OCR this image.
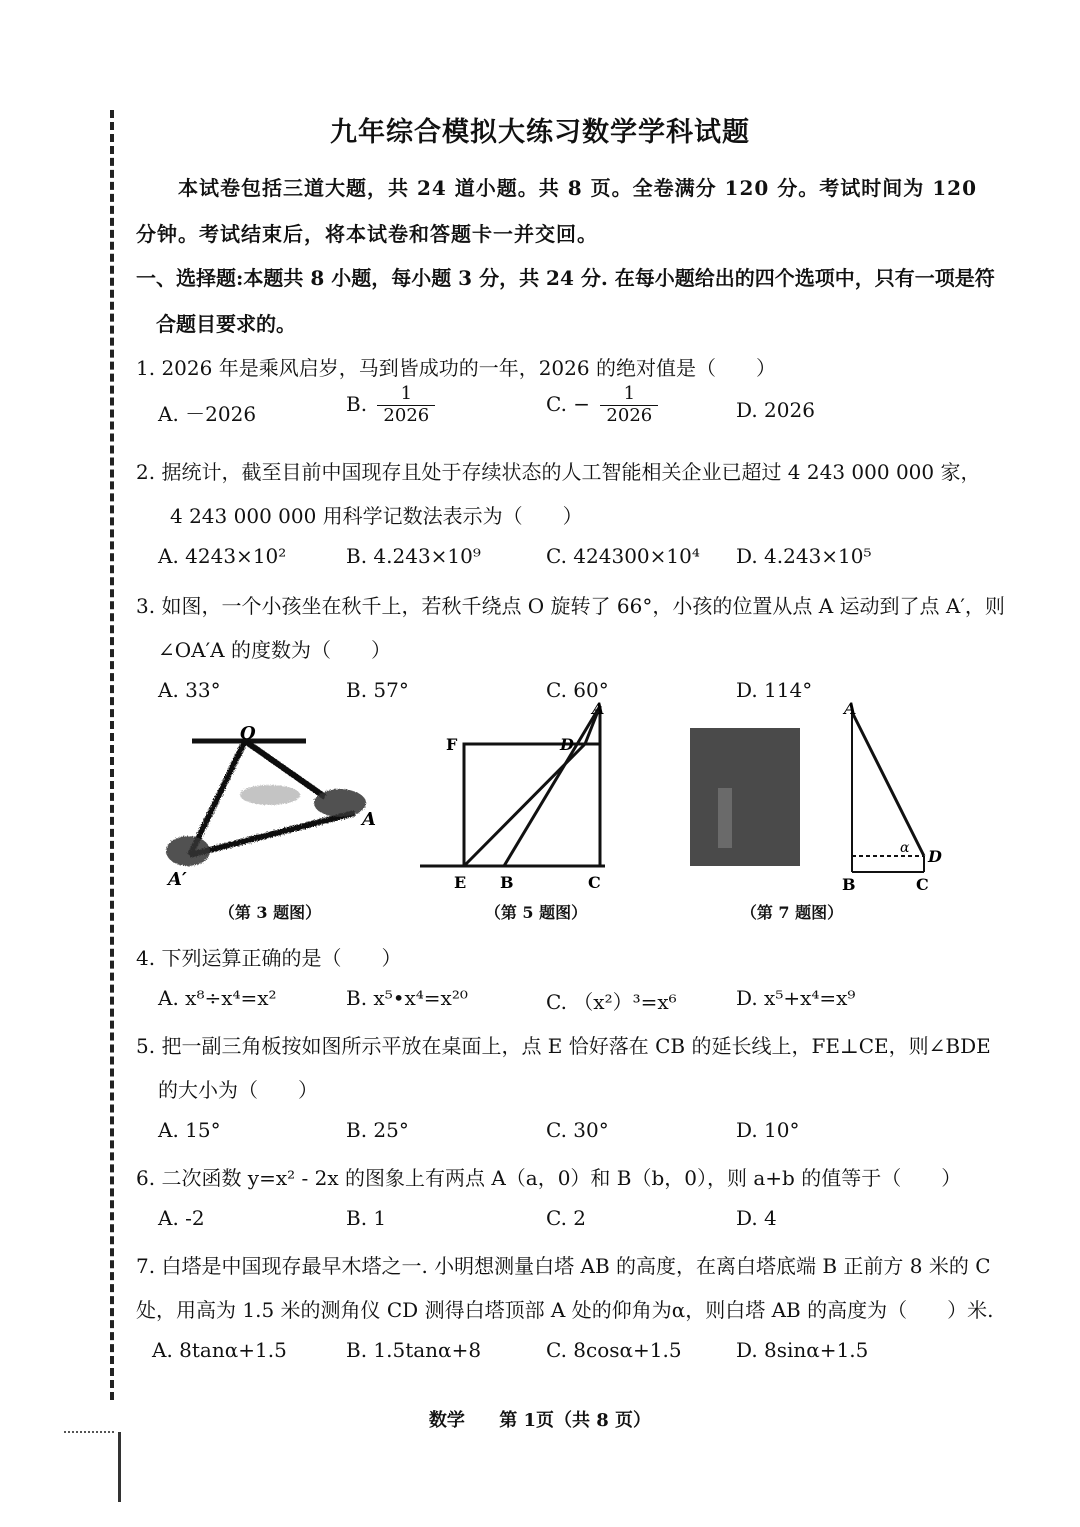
九年综合模拟大练习数学学科试题
本试卷包括三道大题，共 24 道小题。共 8 页。全卷满分 120 分。考试时间为 120
分钟。考试结束后，将本试卷和答题卡一并交回。
一、选择题:本题共 8 小题，每小题 3 分，共 24 分. 在每小题给出的四个选项中，只有一项是符
合题目要求的。
1. 2026 年是乘风启岁，马到皆成功的一年，2026 的绝对值是（　　）
A. －2026	B. $\frac{1}{2026}$	C. − $\frac{1}{2026}$	D. 2026
2. 据统计，截至目前中国现存且处于存续状态的人工智能相关企业已超过 4 243 000 000 家，
4 243 000 000 用科学记数法表示为（　　）
A. 4243×10²	B. 4.243×10⁹	C. 424300×10⁴ D. 4.243×10⁵
3. 如图，一个小孩坐在秋千上，若秋千绕点 O 旋转了 66°，小孩的位置从点 A 运动到了点 A′，则
∠OA′A 的度数为（　　）
A. 33°	B. 57°	C. 60°	D. 114°
O
A
A′
（第 3 题图）
F	D
A
E B	C
（第 5 题图）
A
α D
B	C
（第 7 题图）
4. 下列运算正确的是（　　）
A. x⁸÷x⁴=x²	B. x⁵•x⁴=x²⁰	C. （x²）³=x⁶	D. x⁵+x⁴=x⁹
5. 把一副三角板按如图所示平放在桌面上，点 E 恰好落在 CB 的延长线上，FE⊥CE，则∠BDE
的大小为（　　）
A. 15°	B. 25°	C. 30°	D. 10°
6. 二次函数 y=x² - 2x 的图象上有两点 A（a，0）和 B（b，0），则 a+b 的值等于（　　）
A. -2	B. 1	C. 2	D. 4
7. 白塔是中国现存最早木塔之一. 小明想测量白塔 AB 的高度，在离白塔底端 B 正前方 8 米的 C
处，用高为 1.5 米的测角仪 CD 测得白塔顶部 A 处的仰角为α，则白塔 AB 的高度为（　　）米.
A. 8tanα+1.5	B. 1.5tanα+8	C. 8cosα+1.5	D. 8sinα+1.5
数学 第 1页（共 8 页）
